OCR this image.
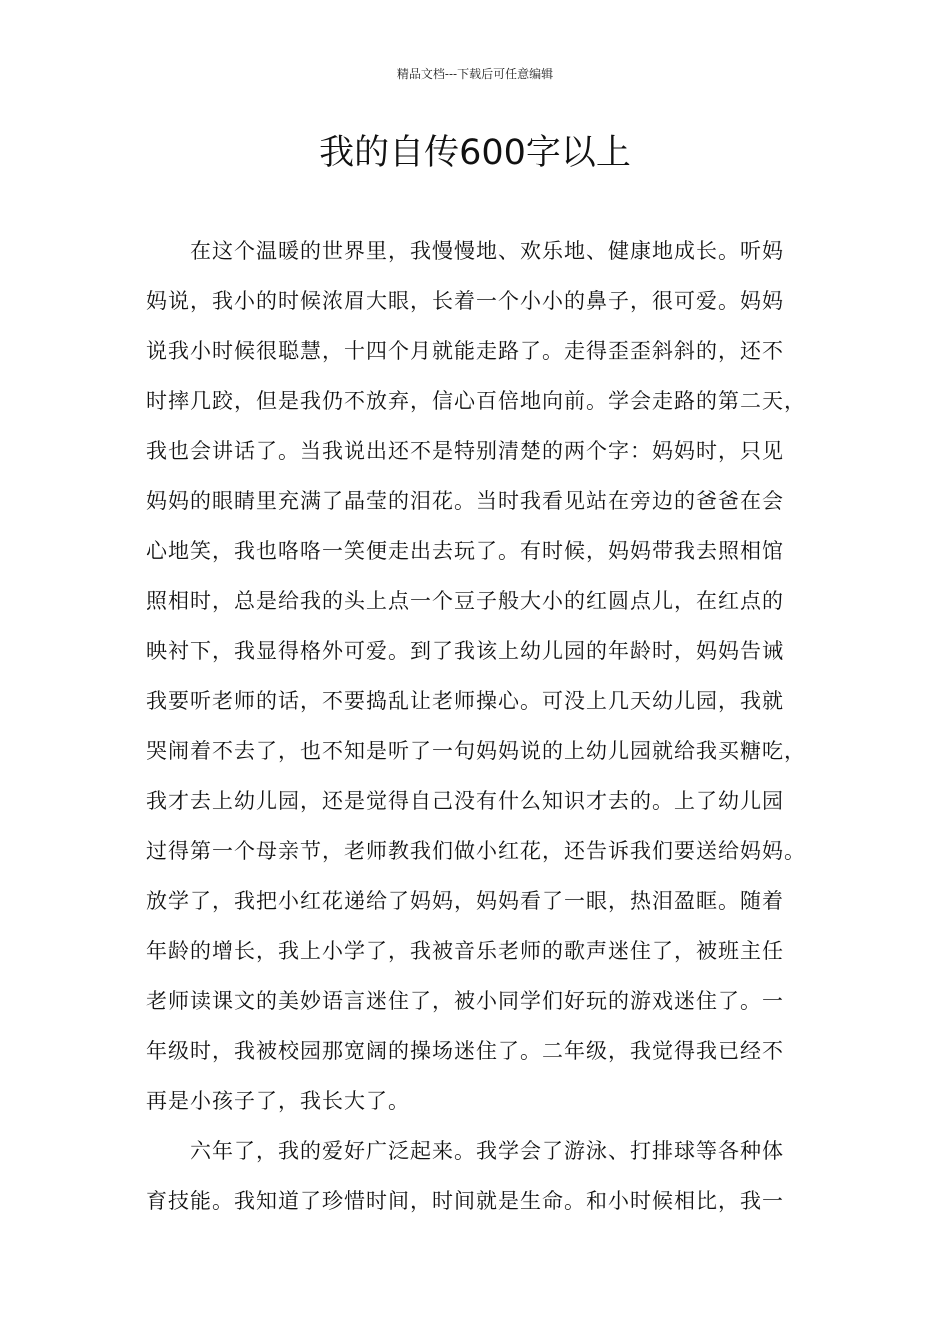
精品文档---下载后可任意编辑
我的自传600字以上
在这个温暖的世界里，我慢慢地、欢乐地、健康地成长。听妈
妈说，我小的时候浓眉大眼，长着一个小小的鼻子，很可爱。妈妈
说我小时候很聪慧，十四个月就能走路了。走得歪歪斜斜的，还不
时摔几跤，但是我仍不放弃，信心百倍地向前。学会走路的第二天，
我也会讲话了。当我说出还不是特别清楚的两个字：妈妈时，只见
妈妈的眼睛里充满了晶莹的泪花。当时我看见站在旁边的爸爸在会
心地笑，我也咯咯一笑便走出去玩了。有时候，妈妈带我去照相馆
照相时，总是给我的头上点一个豆子般大小的红圆点儿，在红点的
映衬下，我显得格外可爱。到了我该上幼儿园的年龄时，妈妈告诫
我要听老师的话，不要捣乱让老师操心。可没上几天幼儿园，我就
哭闹着不去了，也不知是听了一句妈妈说的上幼儿园就给我买糖吃，
我才去上幼儿园，还是觉得自己没有什么知识才去的。上了幼儿园
过得第一个母亲节，老师教我们做小红花，还告诉我们要送给妈妈。
放学了，我把小红花递给了妈妈，妈妈看了一眼，热泪盈眶。随着
年龄的增长，我上小学了，我被音乐老师的歌声迷住了，被班主任
老师读课文的美妙语言迷住了，被小同学们好玩的游戏迷住了。一
年级时，我被校园那宽阔的操场迷住了。二年级，我觉得我已经不
再是小孩子了，我长大了。
六年了，我的爱好广泛起来。我学会了游泳、打排球等各种体
育技能。我知道了珍惜时间，时间就是生命。和小时候相比，我一
